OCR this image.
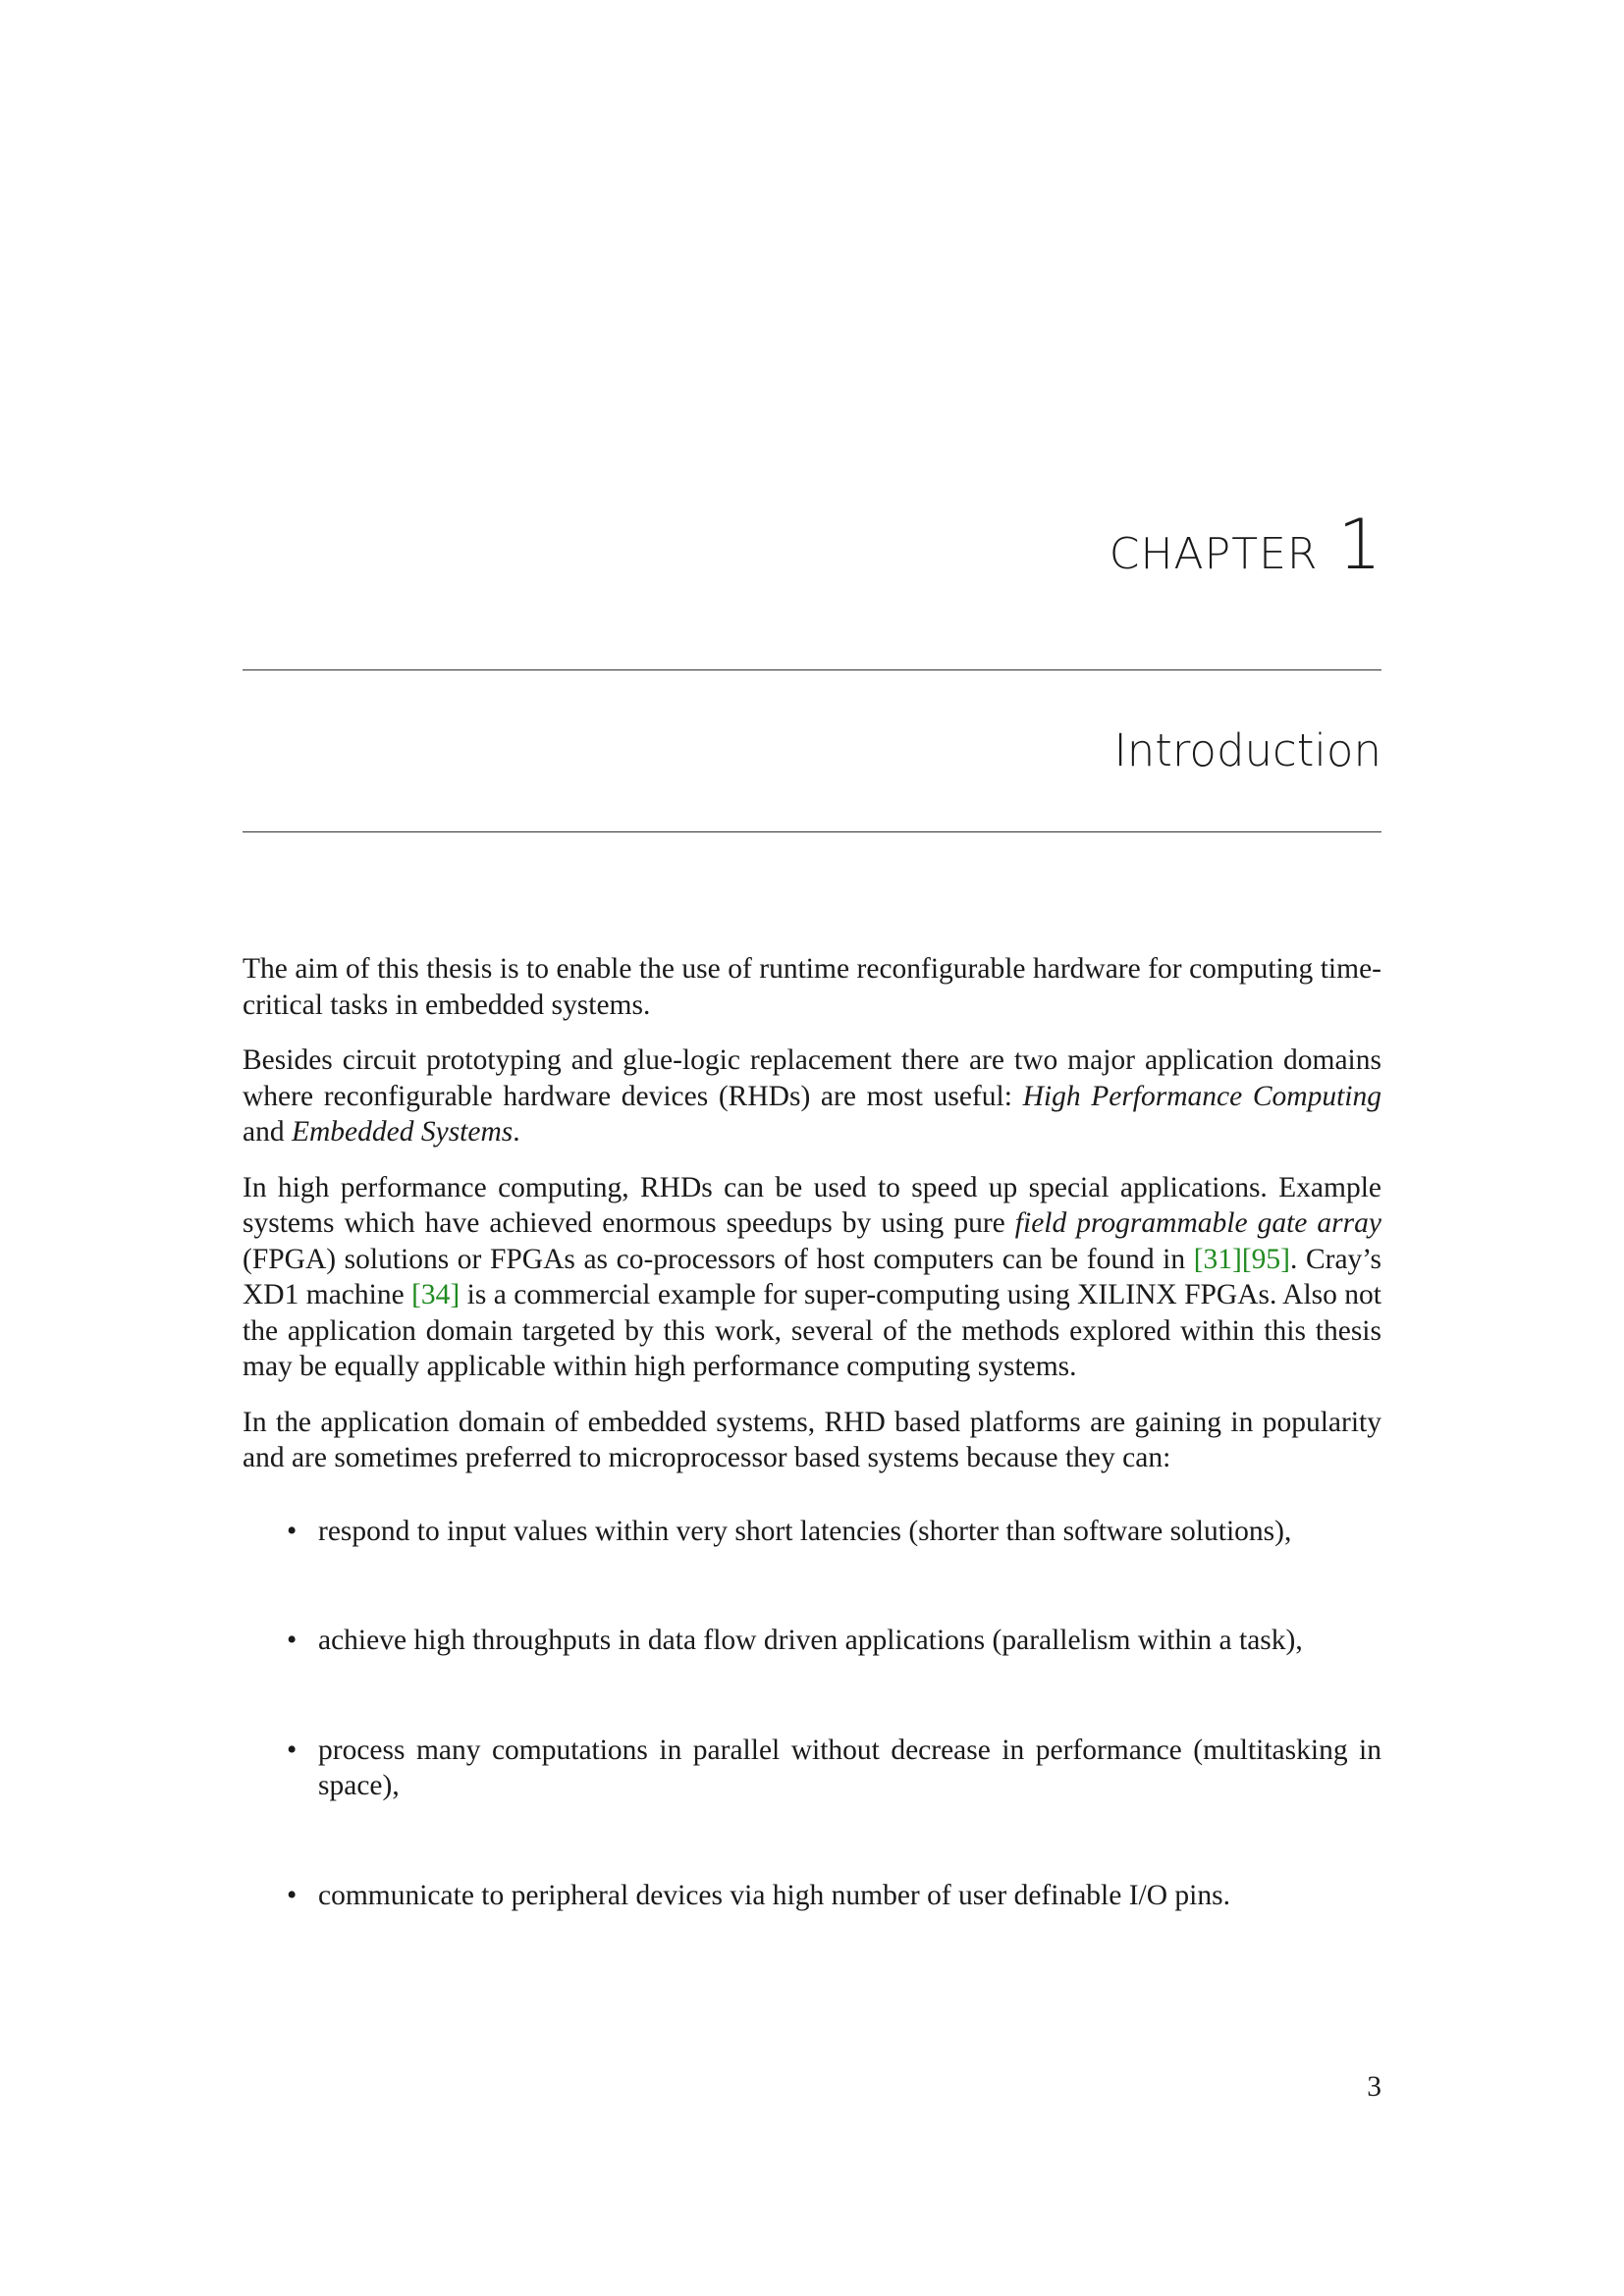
CHAPTER 1
Introduction

The aim of this thesis is to enable the use of runtime reconfigurable hardware for computing time-critical tasks in embedded systems.

Besides circuit prototyping and glue-logic replacement there are two major application domains where reconfigurable hardware devices (RHDs) are most useful: High Performance Computing and Embedded Systems.

In high performance computing, RHDs can be used to speed up special applications. Example systems which have achieved enormous speedups by using pure field programmable gate array (FPGA) solutions or FPGAs as co-processors of host computers can be found in [31][95]. Cray’s XD1 machine [34] is a commercial example for super-computing using XILINX FPGAs. Also not the application domain targeted by this work, several of the methods explored within this thesis may be equally applicable within high performance computing systems.

In the application domain of embedded systems, RHD based platforms are gaining in popularity and are sometimes preferred to microprocessor based systems because they can:

• respond to input values within very short latencies (shorter than software solutions),
• achieve high throughputs in data flow driven applications (parallelism within a task),
• process many computations in parallel without decrease in performance (multitasking in space),
• communicate to peripheral devices via high number of user definable I/O pins.
3
